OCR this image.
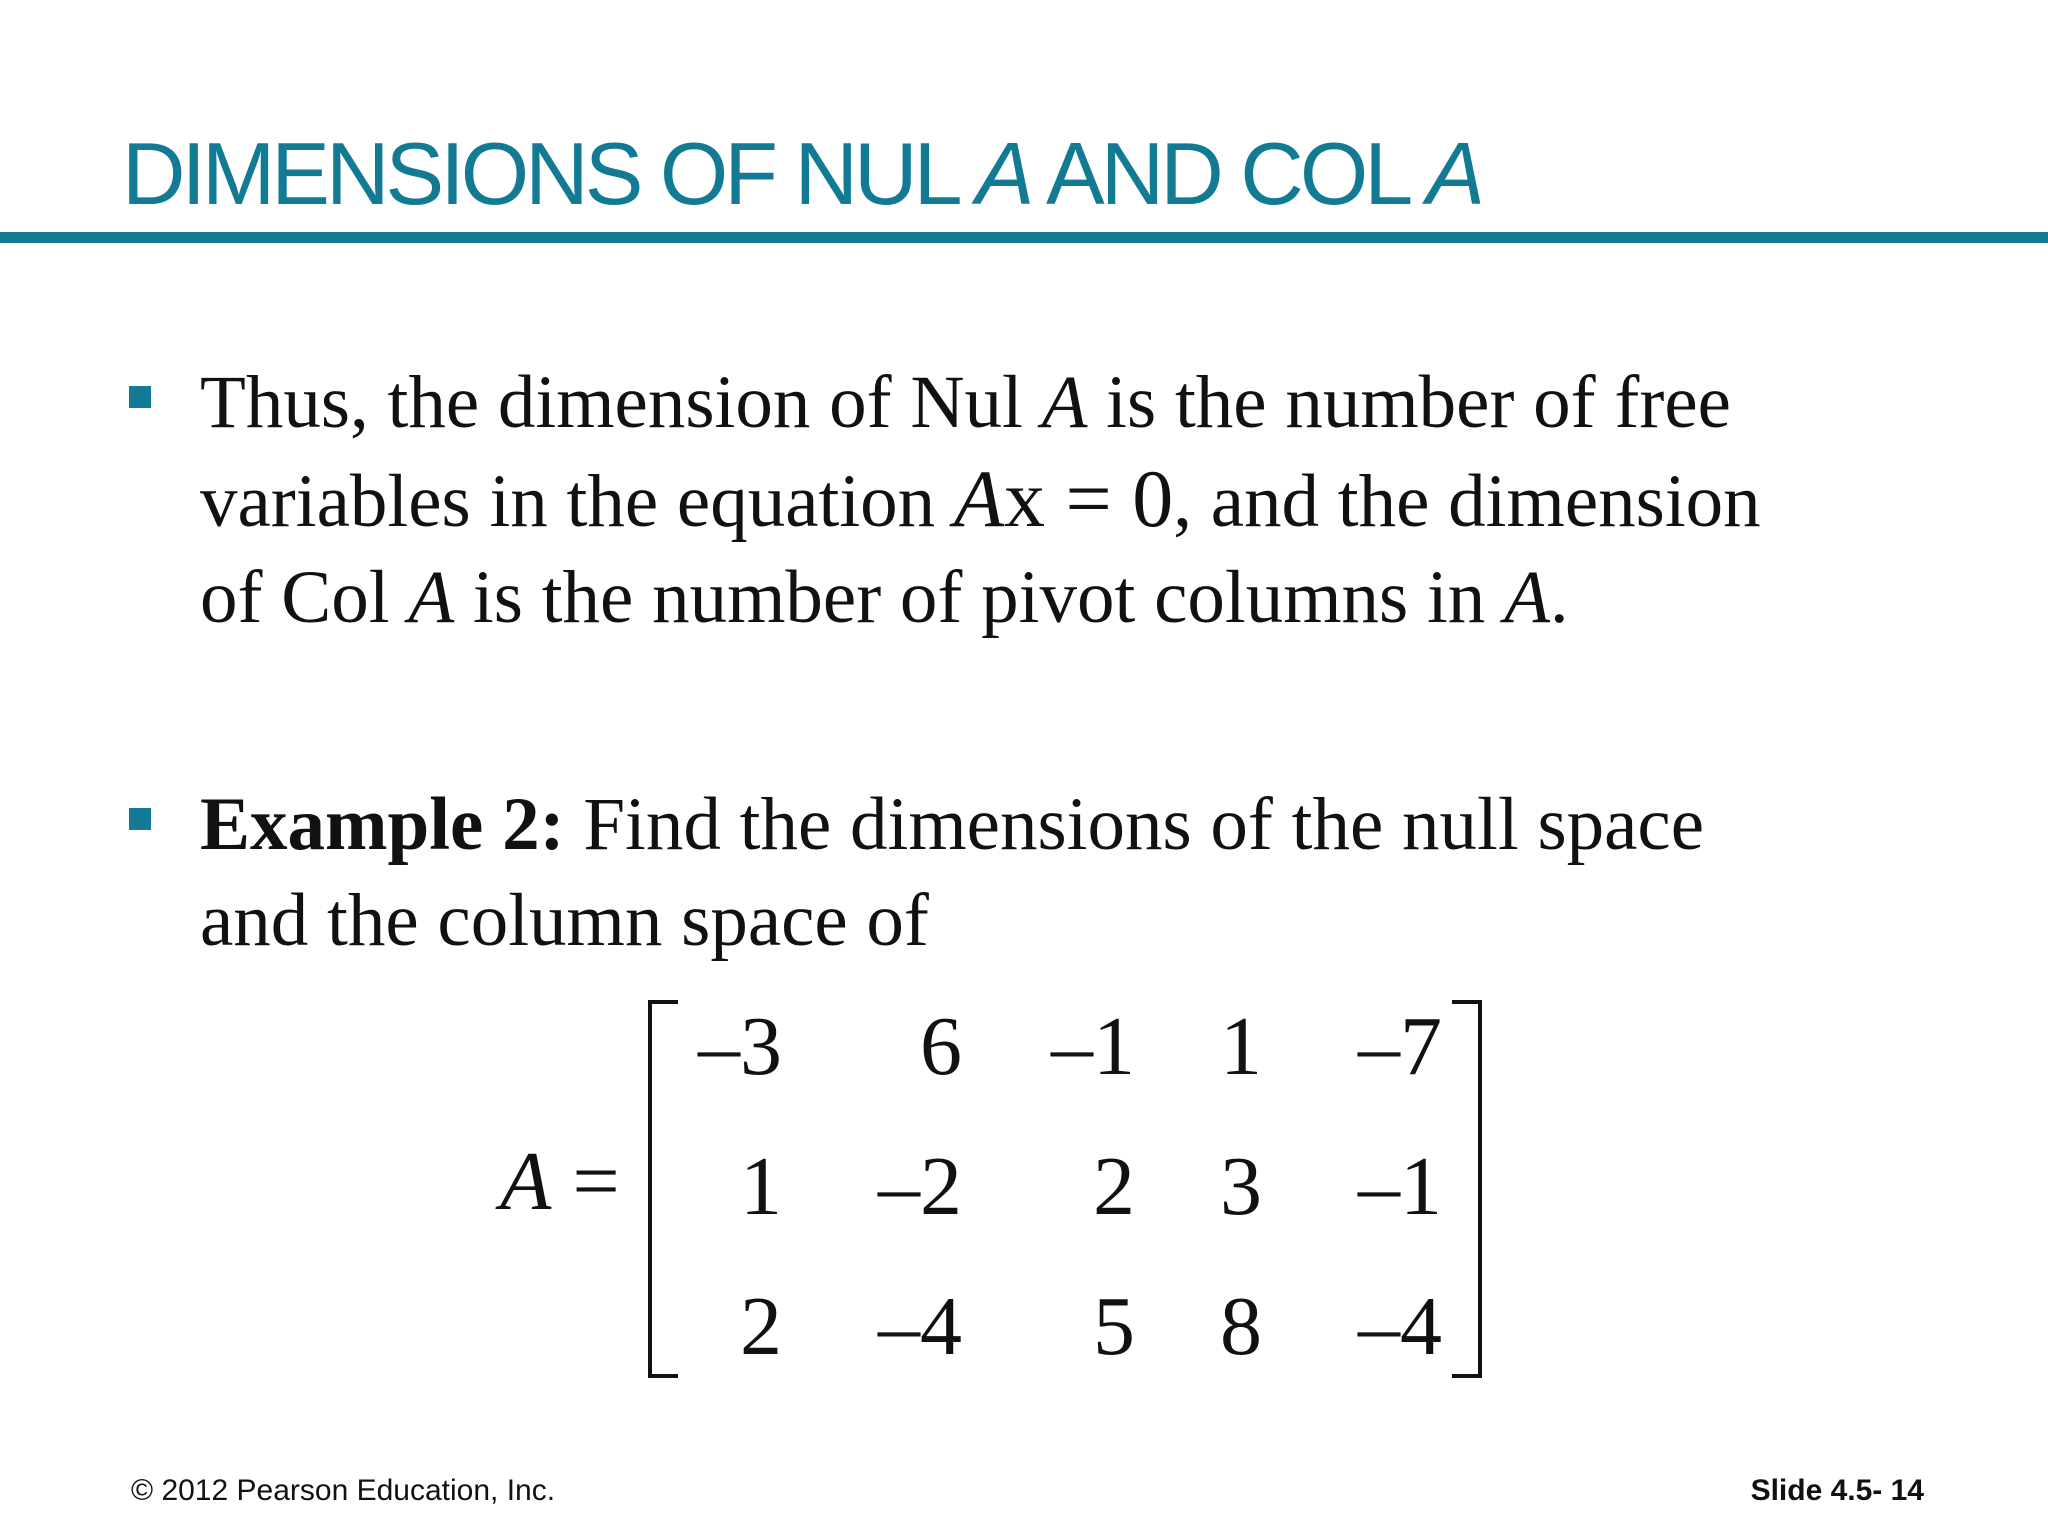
DIMENSIONS OF NUL A AND COL A
Thus, the dimension of Nul A is the number of free
variables in the equation Ax = 0, and the dimension
of Col A is the number of pivot columns in A.
Example 2: Find the dimensions of the null space
and the column space of
A =
–3	6	–1	1	–7
1	–2	2	3	–1
2	–4	5	8	–4
© 2012 Pearson Education, Inc.	Slide 4.5- 14
